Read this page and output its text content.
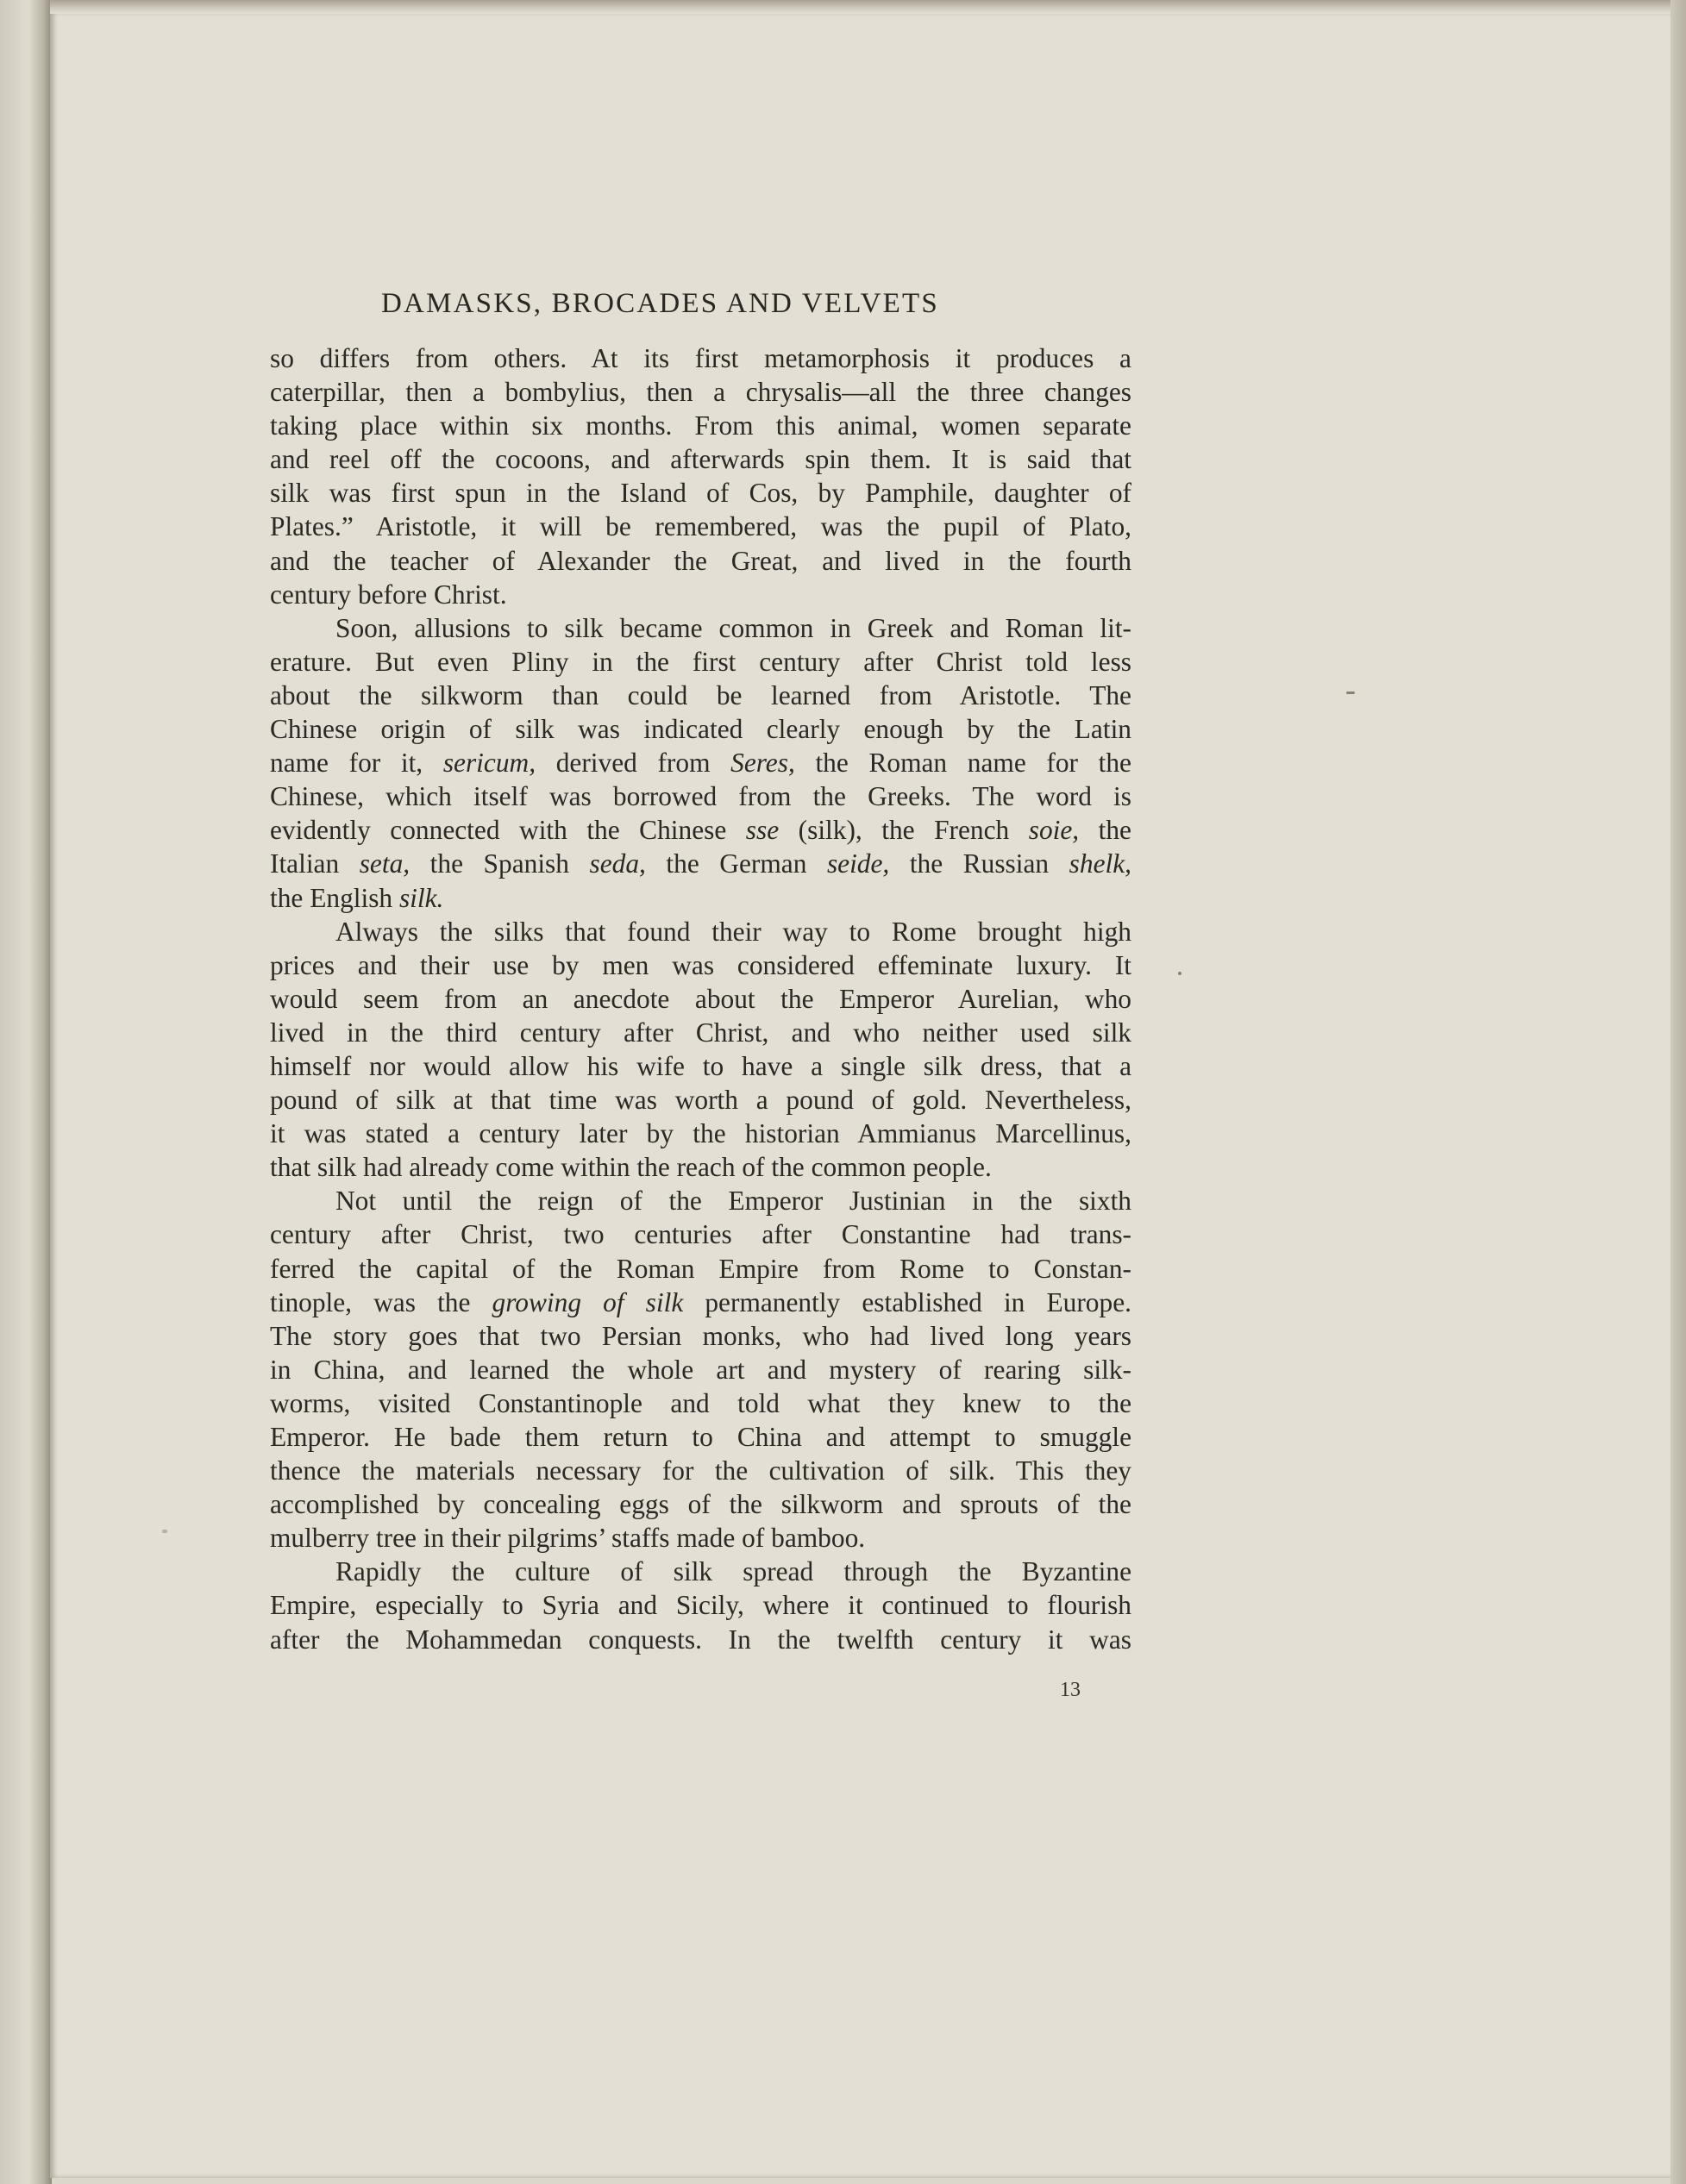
DAMASKS, BROCADES AND VELVETS
so differs from others. At its first metamorphosis it produces a
caterpillar, then a bombylius, then a chrysalis—all the three changes
taking place within six months. From this animal, women separate
and reel off the cocoons, and afterwards spin them. It is said that
silk was first spun in the Island of Cos, by Pamphile, daughter of
Plates.” Aristotle, it will be remembered, was the pupil of Plato,
and the teacher of Alexander the Great, and lived in the fourth
century before Christ.
Soon, allusions to silk became common in Greek and Roman lit-
erature. But even Pliny in the first century after Christ told less
about the silkworm than could be learned from Aristotle. The
Chinese origin of silk was indicated clearly enough by the Latin
name for it, sericum, derived from Seres, the Roman name for the
Chinese, which itself was borrowed from the Greeks. The word is
evidently connected with the Chinese sse (silk), the French soie, the
Italian seta, the Spanish seda, the German seide, the Russian shelk,
the English silk.
Always the silks that found their way to Rome brought high
prices and their use by men was considered effeminate luxury. It
would seem from an anecdote about the Emperor Aurelian, who
lived in the third century after Christ, and who neither used silk
himself nor would allow his wife to have a single silk dress, that a
pound of silk at that time was worth a pound of gold. Nevertheless,
it was stated a century later by the historian Ammianus Marcellinus,
that silk had already come within the reach of the common people.
Not until the reign of the Emperor Justinian in the sixth
century after Christ, two centuries after Constantine had trans-
ferred the capital of the Roman Empire from Rome to Constan-
tinople, was the growing of silk permanently established in Europe.
The story goes that two Persian monks, who had lived long years
in China, and learned the whole art and mystery of rearing silk-
worms, visited Constantinople and told what they knew to the
Emperor. He bade them return to China and attempt to smuggle
thence the materials necessary for the cultivation of silk. This they
accomplished by concealing eggs of the silkworm and sprouts of the
mulberry tree in their pilgrims’ staffs made of bamboo.
Rapidly the culture of silk spread through the Byzantine
Empire, especially to Syria and Sicily, where it continued to flourish
after the Mohammedan conquests. In the twelfth century it was
13
